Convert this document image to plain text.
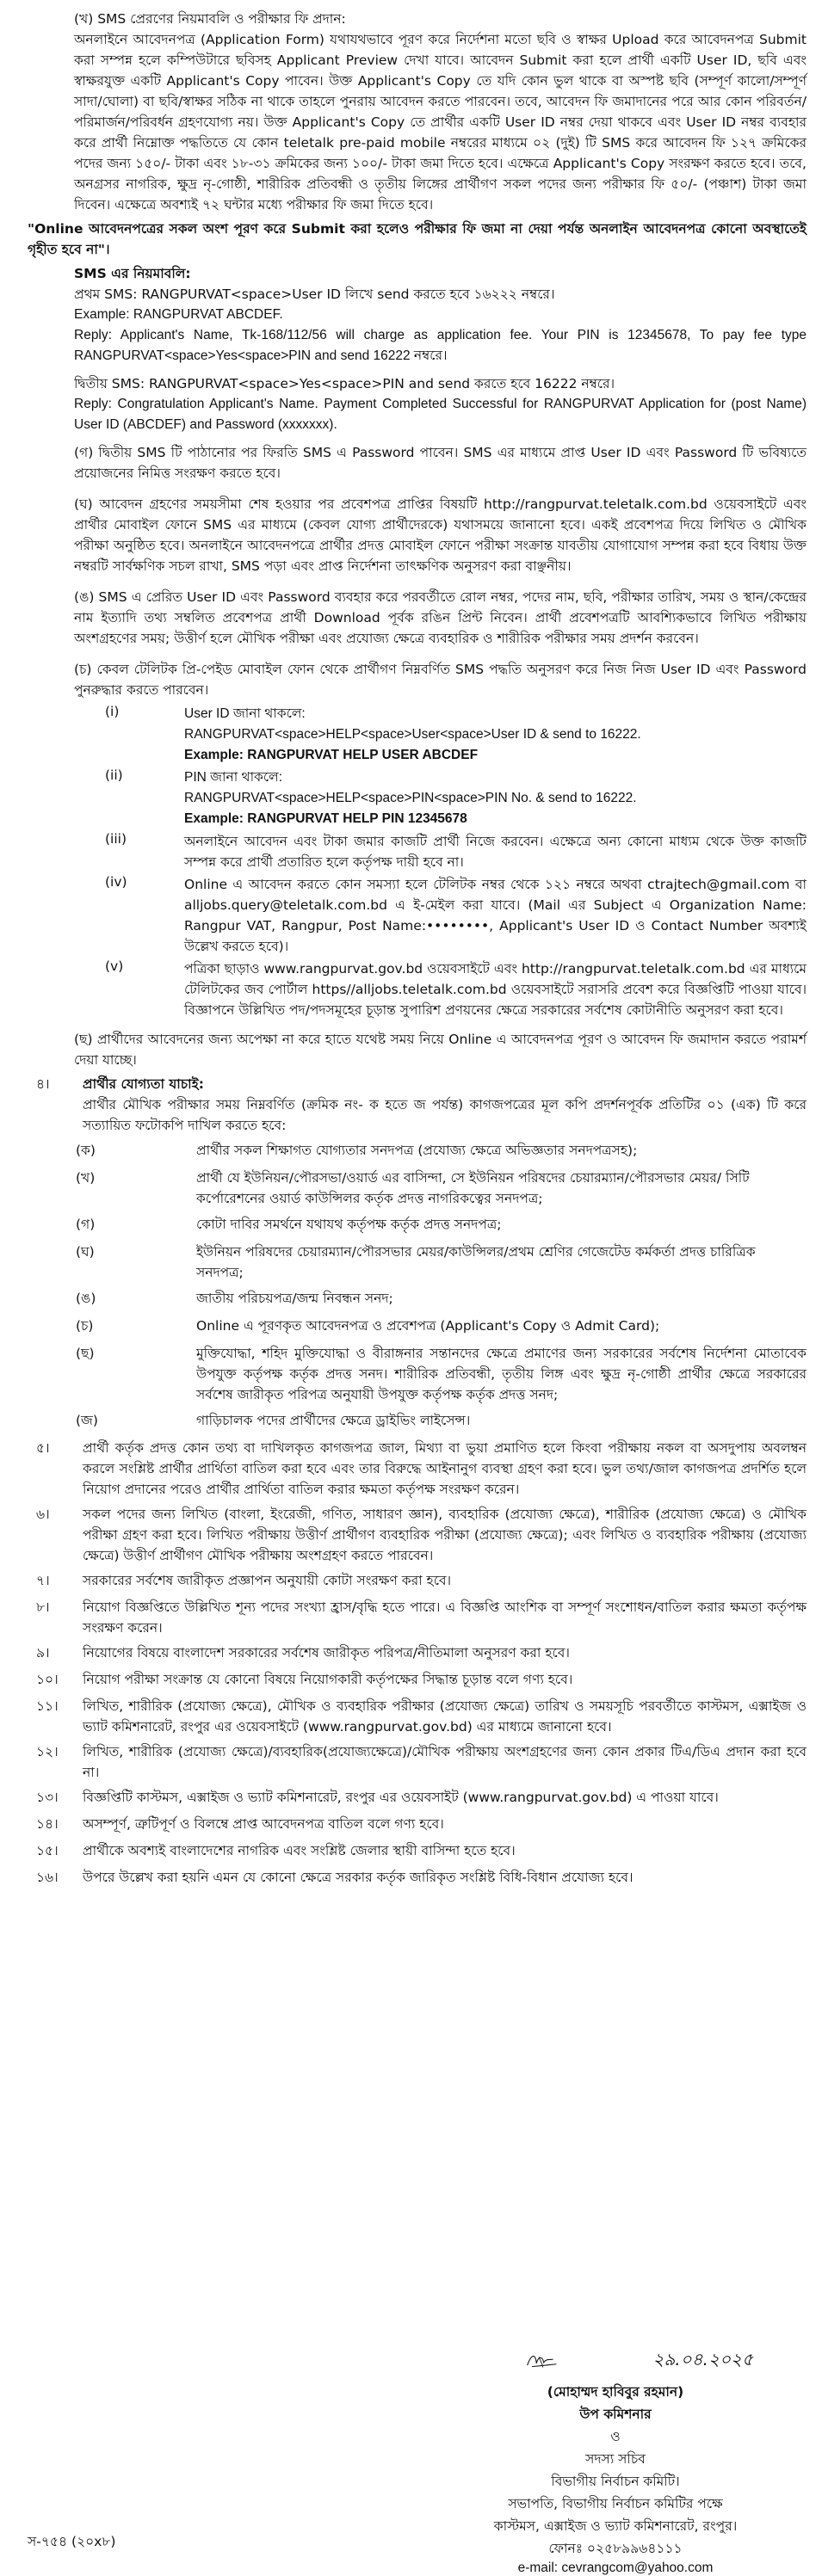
(খ) SMS প্রেরণের নিয়মাবলি ও পরীক্ষার ফি প্রদান:

অনলাইনে আবেদনপত্র (Application Form) যথাযথভাবে পূরণ করে নির্দেশনা মতো ছবি ও স্বাক্ষর Upload করে আবেদনপত্র Submit করা সম্পন্ন হলে কম্পিউটারে ছবিসহ Applicant Preview দেখা যাবে। আবেদন Submit করা হলে প্রার্থী একটি User ID, ছবি এবং স্বাক্ষরযুক্ত একটি Applicant's Copy পাবেন। উক্ত Applicant's Copy তে যদি কোন ভুল থাকে বা অস্পষ্ট ছবি (সম্পূর্ণ কালো/সম্পূর্ণ সাদা/ঘোলা) বা ছবি/স্বাক্ষর সঠিক না থাকে তাহলে পুনরায় আবেদন করতে পারবেন। তবে, আবেদন ফি জমাদানের পরে আর কোন পরিবর্তন/পরিমার্জন/পরিবর্ধন গ্রহণযোগ্য নয়। উক্ত Applicant's Copy তে প্রার্থীর একটি User ID নম্বর দেয়া থাকবে এবং User ID নম্বর ব্যবহার করে প্রার্থী নিম্নোক্ত পদ্ধতিতে যে কোন teletalk pre-paid mobile নম্বরের মাধ্যমে ০২ (দুই) টি SMS করে আবেদন ফি ১২৭ ক্রমিকের পদের জন্য ১৫০/- টাকা এবং ১৮-৩১ ক্রমিকের জন্য ১০০/- টাকা জমা দিতে হবে। এক্ষেত্রে Applicant's Copy সংরক্ষণ করতে হবে। তবে, অনগ্রসর নাগরিক, ক্ষুদ্র নৃ-গোষ্ঠী, শারীরিক প্রতিবন্ধী ও তৃতীয় লিঙ্গের প্রার্থীগণ সকল পদের জন্য পরীক্ষার ফি ৫০/- (পঞ্চাশ) টাকা জমা দিবেন। এক্ষেত্রে অবশ্যই ৭২ ঘন্টার মধ্যে পরীক্ষার ফি জমা দিতে হবে।

"Online আবেদনপত্রের সকল অংশ পূরণ করে Submit করা হলেও পরীক্ষার ফি জমা না দেয়া পর্যন্ত অনলাইন আবেদনপত্র কোনো অবস্থাতেই গৃহীত হবে না"।

SMS এর নিয়মাবলি:
প্রথম SMS: RANGPURVAT<space>User ID লিখে send করতে হবে ১৬২২২ নম্বরে।
Example: RANGPURVAT ABCDEF.
Reply: Applicant's Name, Tk-168/112/56 will charge as application fee. Your PIN is 12345678, To pay fee type RANGPURVAT<space>Yes<space>PIN and send 16222 নম্বরে।
দ্বিতীয় SMS: RANGPURVAT<space>Yes<space>PIN and send করতে হবে 16222 নম্বরে।
Reply: Congratulation Applicant's Name. Payment Completed Successful for RANGPURVAT Application for (post Name) User ID (ABCDEF) and Password (xxxxxxx).

(গ) দ্বিতীয় SMS টি পাঠানোর পর ফিরতি SMS এ Password পাবেন। SMS এর মাধ্যমে প্রাপ্ত User ID এবং Password টি ভবিষ্যতে প্রয়োজনের নিমিত্ত সংরক্ষণ করতে হবে।

(ঘ) আবেদন গ্রহণের সময়সীমা শেষ হওয়ার পর প্রবেশপত্র প্রাপ্তির বিষয়টি http://rangpurvat.teletalk.com.bd ওয়েবসাইটে এবং প্রার্থীর মোবাইল ফোনে SMS এর মাধ্যমে (কেবল যোগ্য প্রার্থীদেরকে) যথাসময়ে জানানো হবে। একই প্রবেশপত্র দিয়ে লিখিত ও মৌখিক পরীক্ষা অনুষ্ঠিত হবে। অনলাইনে আবেদনপত্রে প্রার্থীর প্রদত্ত মোবাইল ফোনে পরীক্ষা সংক্রান্ত যাবতীয় যোগাযোগ সম্পন্ন করা হবে বিধায় উক্ত নম্বরটি সার্বক্ষণিক সচল রাখা, SMS পড়া এবং প্রাপ্ত নির্দেশনা তাৎক্ষণিক অনুসরণ করা বাঞ্ছনীয়।

(ঙ) SMS এ প্রেরিত User ID এবং Password ব্যবহার করে পরবর্তীতে রোল নম্বর, পদের নাম, ছবি, পরীক্ষার তারিখ, সময় ও স্থান/কেন্দ্রের নাম ইত্যাদি তথ্য সম্বলিত প্রবেশপত্র প্রার্থী Download পূর্বক রঙিন প্রিন্ট নিবেন। প্রার্থী প্রবেশপত্রটি আবশ্যিকভাবে লিখিত পরীক্ষায় অংশগ্রহণের সময়; উত্তীর্ণ হলে মৌখিক পরীক্ষা এবং প্রযোজ্য ক্ষেত্রে ব্যবহারিক ও শারীরিক পরীক্ষার সময় প্রদর্শন করবেন।

(চ) কেবল টেলিটক প্রি-পেইড মোবাইল ফোন থেকে প্রার্থীগণ নিম্নবর্ণিত SMS পদ্ধতি অনুসরণ করে নিজ নিজ User ID এবং Password পুনরুদ্ধার করতে পারবেন।

(i)	User ID জানা থাকলে:
RANGPURVAT<space>HELP<space>User<space>User ID & send to 16222.
Example: RANGPURVAT HELP USER ABCDEF
(ii)	PIN জানা থাকলে:
RANGPURVAT<space>HELP<space>PIN<space>PIN No. & send to 16222.
Example: RANGPURVAT HELP PIN 12345678
(iii)	অনলাইনে আবেদন এবং টাকা জমার কাজটি প্রার্থী নিজে করবেন। এক্ষেত্রে অন্য কোনো মাধ্যম থেকে উক্ত কাজটি সম্পন্ন করে প্রার্থী প্রতারিত হলে কর্তৃপক্ষ দায়ী হবে না।
(iv)	Online এ আবেদন করতে কোন সমস্যা হলে টেলিটক নম্বর থেকে ১২১ নম্বরে অথবা ctrajtech@gmail.com বা alljobs.query@teletalk.com.bd এ ই-মেইল করা যাবে। (Mail এর Subject এ Organization Name: Rangpur VAT, Rangpur, Post Name:••••••••, Applicant's User ID ও Contact Number অবশ্যই উল্লেখ করতে হবে)।
(v)	পত্রিকা ছাড়াও www.rangpurvat.gov.bd ওয়েবসাইটে এবং http://rangpurvat.teletalk.com.bd এর মাধ্যমে টেলিটকের জব পোর্টাল https//alljobs.teletalk.com.bd ওয়েবসাইটে সরাসরি প্রবেশ করে বিজ্ঞপ্তিটি পাওয়া যাবে। বিজ্ঞাপনে উল্লিখিত পদ/পদসমূহের চূড়ান্ত সুপারিশ প্রণয়নের ক্ষেত্রে সরকারের সর্বশেষ কোটানীতি অনুসরণ করা হবে।

(ছ) প্রার্থীদের আবেদনের জন্য অপেক্ষা না করে হাতে যথেষ্ট সময় নিয়ে Online এ আবেদনপত্র পূরণ ও আবেদন ফি জমাদান করতে পরামর্শ দেয়া যাচ্ছে।

৪।	প্রার্থীর যোগ্যতা যাচাই:
প্রার্থীর মৌখিক পরীক্ষার সময় নিম্নবর্ণিত (ক্রমিক নং- ক হতে জ পর্যন্ত) কাগজপত্রের মূল কপি প্রদর্শনপূর্বক প্রতিটির ০১ (এক) টি করে সত্যায়িত ফটোকপি দাখিল করতে হবে:
(ক)	প্রার্থীর সকল শিক্ষাগত যোগ্যতার সনদপত্র (প্রযোজ্য ক্ষেত্রে অভিজ্ঞতার সনদপত্রসহ);
(খ)	প্রার্থী যে ইউনিয়ন/পৌরসভা/ওয়ার্ড এর বাসিন্দা, সে ইউনিয়ন পরিষদের চেয়ারম্যান/পৌরসভার মেয়র/ সিটি কর্পোরেশনের ওয়ার্ড কাউন্সিলর কর্তৃক প্রদত্ত নাগরিকত্বের সনদপত্র;
(গ)	কোটা দাবির সমর্থনে যথাযথ কর্তৃপক্ষ কর্তৃক প্রদত্ত সনদপত্র;
(ঘ)	ইউনিয়ন পরিষদের চেয়ারম্যান/পৌরসভার মেয়র/কাউন্সিলর/প্রথম শ্রেণির গেজেটেড কর্মকর্তা প্রদত্ত চারিত্রিক সনদপত্র;
(ঙ)	জাতীয় পরিচয়পত্র/জন্ম নিবন্ধন সনদ;
(চ)	Online এ পূরণকৃত আবেদনপত্র ও প্রবেশপত্র (Applicant's Copy ও Admit Card);
(ছ)	মুক্তিযোদ্ধা, শহিদ মুক্তিযোদ্ধা ও বীরাঙ্গনার সন্তানদের ক্ষেত্রে প্রমাণের জন্য সরকারের সর্বশেষ নির্দেশনা মোতাবেক উপযুক্ত কর্তৃপক্ষ কর্তৃক প্রদত্ত সনদ। শারীরিক প্রতিবন্ধী, তৃতীয় লিঙ্গ এবং ক্ষুদ্র নৃ-গোষ্ঠী প্রার্থীর ক্ষেত্রে সরকারের সর্বশেষ জারীকৃত পরিপত্র অনুযায়ী উপযুক্ত কর্তৃপক্ষ কর্তৃক প্রদত্ত সনদ;
(জ)	গাড়িচালক পদের প্রার্থীদের ক্ষেত্রে ড্রাইভিং লাইসেন্স।
৫।	প্রার্থী কর্তৃক প্রদত্ত কোন তথ্য বা দাখিলকৃত কাগজপত্র জাল, মিথ্যা বা ভুয়া প্রমাণিত হলে কিংবা পরীক্ষায় নকল বা অসদুপায় অবলম্বন করলে সংশ্লিষ্ট প্রার্থীর প্রার্থিতা বাতিল করা হবে এবং তার বিরুদ্ধে আইনানুগ ব্যবস্থা গ্রহণ করা হবে। ভুল তথ্য/জাল কাগজপত্র প্রদর্শিত হলে নিয়োগ প্রদানের পরেও প্রার্থীর প্রার্থিতা বাতিল করার ক্ষমতা কর্তৃপক্ষ সংরক্ষণ করেন।
৬।	সকল পদের জন্য লিখিত (বাংলা, ইংরেজী, গণিত, সাধারণ জ্ঞান), ব্যবহারিক (প্রযোজ্য ক্ষেত্রে), শারীরিক (প্রযোজ্য ক্ষেত্রে) ও মৌখিক পরীক্ষা গ্রহণ করা হবে। লিখিত পরীক্ষায় উত্তীর্ণ প্রার্থীগণ ব্যবহারিক পরীক্ষা (প্রযোজ্য ক্ষেত্রে); এবং লিখিত ও ব্যবহারিক পরীক্ষায় (প্রযোজ্য ক্ষেত্রে) উত্তীর্ণ প্রার্থীগণ মৌখিক পরীক্ষায় অংশগ্রহণ করতে পারবেন।
৭।	সরকারের সর্বশেষ জারীকৃত প্রজ্ঞাপন অনুযায়ী কোটা সংরক্ষণ করা হবে।
৮।	নিয়োগ বিজ্ঞপ্তিতে উল্লিখিত শূন্য পদের সংখ্যা হ্রাস/বৃদ্ধি হতে পারে। এ বিজ্ঞপ্তি আংশিক বা সম্পূর্ণ সংশোধন/বাতিল করার ক্ষমতা কর্তৃপক্ষ সংরক্ষণ করেন।
৯।	নিয়োগের বিষয়ে বাংলাদেশ সরকারের সর্বশেষ জারীকৃত পরিপত্র/নীতিমালা অনুসরণ করা হবে।
১০।	নিয়োগ পরীক্ষা সংক্রান্ত যে কোনো বিষয়ে নিয়োগকারী কর্তৃপক্ষের সিদ্ধান্ত চূড়ান্ত বলে গণ্য হবে।
১১।	লিখিত, শারীরিক (প্রযোজ্য ক্ষেত্রে), মৌখিক ও ব্যবহারিক পরীক্ষার (প্রযোজ্য ক্ষেত্রে) তারিখ ও সময়সূচি পরবর্তীতে কাস্টমস, এক্সাইজ ও ভ্যাট কমিশনারেট, রংপুর এর ওয়েবসাইটে (www.rangpurvat.gov.bd) এর মাধ্যমে জানানো হবে।
১২।	লিখিত, শারীরিক (প্রযোজ্য ক্ষেত্রে)/ব্যবহারিক(প্রযোজ্যক্ষেত্রে)/মৌখিক পরীক্ষায় অংশগ্রহণের জন্য কোন প্রকার টিএ/ডিএ প্রদান করা হবে না।
১৩।	বিজ্ঞপ্তিটি কাস্টমস, এক্সাইজ ও ভ্যাট কমিশনারেট, রংপুর এর ওয়েবসাইট (www.rangpurvat.gov.bd) এ পাওয়া যাবে।
১৪।	অসম্পূর্ণ, ত্রুটিপূর্ণ ও বিলম্বে প্রাপ্ত আবেদনপত্র বাতিল বলে গণ্য হবে।
১৫।	প্রার্থীকে অবশ্যই বাংলাদেশের নাগরিক এবং সংশ্লিষ্ট জেলার স্থায়ী বাসিন্দা হতে হবে।
১৬।	উপরে উল্লেখ করা হয়নি এমন যে কোনো ক্ষেত্রে সরকার কর্তৃক জারিকৃত সংশ্লিষ্ট বিধি-বিধান প্রযোজ্য হবে।
২৯.০৪.২০২৫
(মোহাম্মদ হাবিবুর রহমান)
উপ কমিশনার
ও
সদস্য সচিব
বিভাগীয় নির্বাচন কমিটি।
সভাপতি, বিভাগীয় নির্বাচন কমিটির পক্ষে
কাস্টমস, এক্সাইজ ও ভ্যাট কমিশনারেট, রংপুর।
ফোনঃ ০২৫৮৯৯৬৪১১১
e-mail: cevrangcom@yahoo.com
স-৭৫৪ (২০x৮)
